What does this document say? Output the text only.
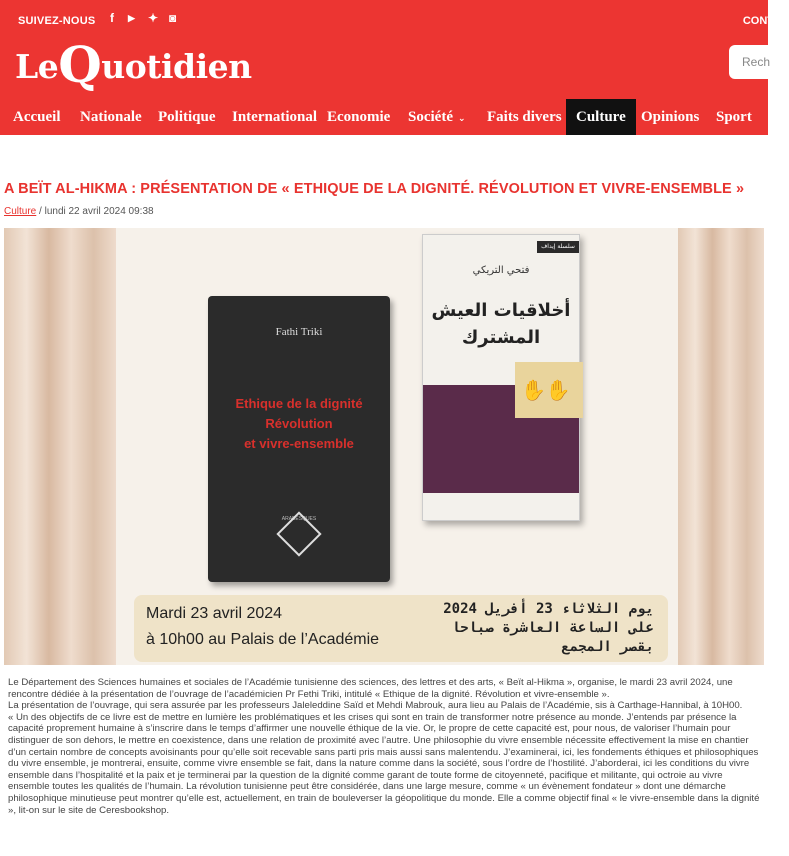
SUIVEZ-NOUS f ▶ ✦ ◙	CONT
LeQuotidien	Rech
Accueil Nationale Politique International Economie Société ⌄ Faits divers Culture	Opinions Sport
A BEÏT AL-HIKMA : PRÉSENTATION DE « ETHIQUE DE LA DIGNITÉ. RÉVOLUTION ET VIVRE-ENSEMBLE »
Culture / lundi 22 avril 2024 09:38
Fathi Triki
Ethique de la dignité
Révolution
et vivre-ensemble
ARABESQUES
سلسلة إيداف
فتحي التريكي
أخلاقيات العيش
المشترك
✋✋
Mardi 23 avril 2024
à 10h00 au Palais de l’Académie
يوم الثلاثاء 23 أفريل 2024
على الساعة العاشرة صباحا
بقصر المجمع

Le Département des Sciences humaines et sociales de l’Académie tunisienne des sciences, des lettres et des arts, « Beït al-Hikma », organise, le mardi 23 avril 2024, une rencontre dédiée à la présentation de l’ouvrage de l’académicien Pr Fethi Triki, intitulé « Ethique de la dignité. Révolution et vivre-ensemble ».

La présentation de l’ouvrage, qui sera assurée par les professeurs Jaleleddine Saïd et Mehdi Mabrouk, aura lieu au Palais de l’Académie, sis à Carthage-Hannibal, à 10H00.

« Un des objectifs de ce livre est de mettre en lumière les problématiques et les crises qui sont en train de transformer notre présence au monde. J’entends par présence la capacité proprement humaine à s’inscrire dans le temps d’affirmer une nouvelle éthique de la vie. Or, le propre de cette capacité est, pour nous, de valoriser l’humain pour distinguer de son dehors, le mettre en coexistence, dans une relation de proximité avec l’autre. Une philosophie du vivre ensemble nécessite effectivement la mise en chantier d’un certain nombre de concepts avoisinants pour qu’elle soit recevable sans parti pris mais aussi sans malentendu. J’examinerai, ici, les fondements éthiques et philosophiques du vivre ensemble, je montrerai, ensuite, comme vivre ensemble se fait, dans la nature comme dans la société, sous l’ordre de l’hostilité. J’aborderai, ici les conditions du vivre ensemble dans l’hospitalité et la paix et je terminerai par la question de la dignité comme garant de toute forme de citoyenneté, pacifique et militante, qui octroie au vivre ensemble toutes les qualités de l’humain. La révolution tunisienne peut être considérée, dans une large mesure, comme « un évènement fondateur » dont une démarche philosophique minutieuse peut montrer qu’elle est, actuellement, en train de bouleverser la géopolitique du monde. Elle a comme objectif final « le vivre-ensemble dans la dignité », lit-on sur le site de Ceresbookshop.
